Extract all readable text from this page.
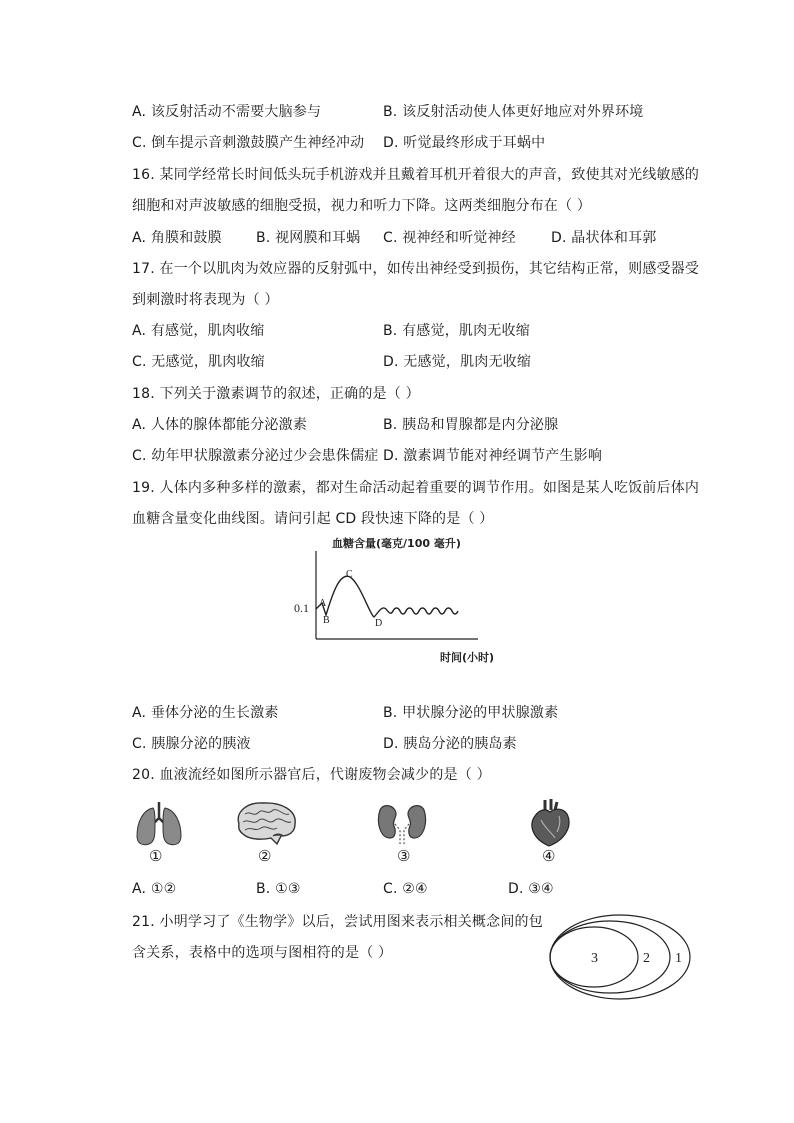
A. 该反射活动不需要大脑参与	B. 该反射活动使人体更好地应对外界环境
C. 倒车提示音刺激鼓膜产生神经冲动 D. 听觉最终形成于耳蜗中
16. 某同学经常长时间低头玩手机游戏并且戴着耳机开着很大的声音，致使其对光线敏感的
细胞和对声波敏感的细胞受损，视力和听力下降。这两类细胞分布在（ ）
A. 角膜和鼓膜 B. 视网膜和耳蜗 C. 视神经和听觉神经	D. 晶状体和耳郭
17. 在一个以肌肉为效应器的反射弧中，如传出神经受到损伤，其它结构正常，则感受器受
到刺激时将表现为（ ）
A. 有感觉，肌肉收缩	B. 有感觉，肌肉无收缩
C. 无感觉，肌肉收缩	D. 无感觉，肌肉无收缩
18. 下列关于激素调节的叙述，正确的是（ ）
A. 人体的腺体都能分泌激素	B. 胰岛和胃腺都是内分泌腺
C. 幼年甲状腺激素分泌过少会患侏儒症 D. 激素调节能对神经调节产生影响
19. 人体内多种多样的激素，都对生命活动起着重要的调节作用。如图是某人吃饭前后体内
血糖含量变化曲线图。请问引起 CD 段快速下降的是（ ）
血糖含量(毫克/100 毫升)
时间(小时)
0.1 A
B
C
D
A. 垂体分泌的生长激素	B. 甲状腺分泌的甲状腺激素
C. 胰腺分泌的胰液	D. 胰岛分泌的胰岛素
20. 血液流经如图所示器官后，代谢废物会减少的是（ ）
①	②	③	④
A. ①②	B. ①③	C. ②④	D. ③④
21. 小明学习了《生物学》以后，尝试用图来表示相关概念间的包
含关系，表格中的选项与图相符的是（ ）	3	2 1
